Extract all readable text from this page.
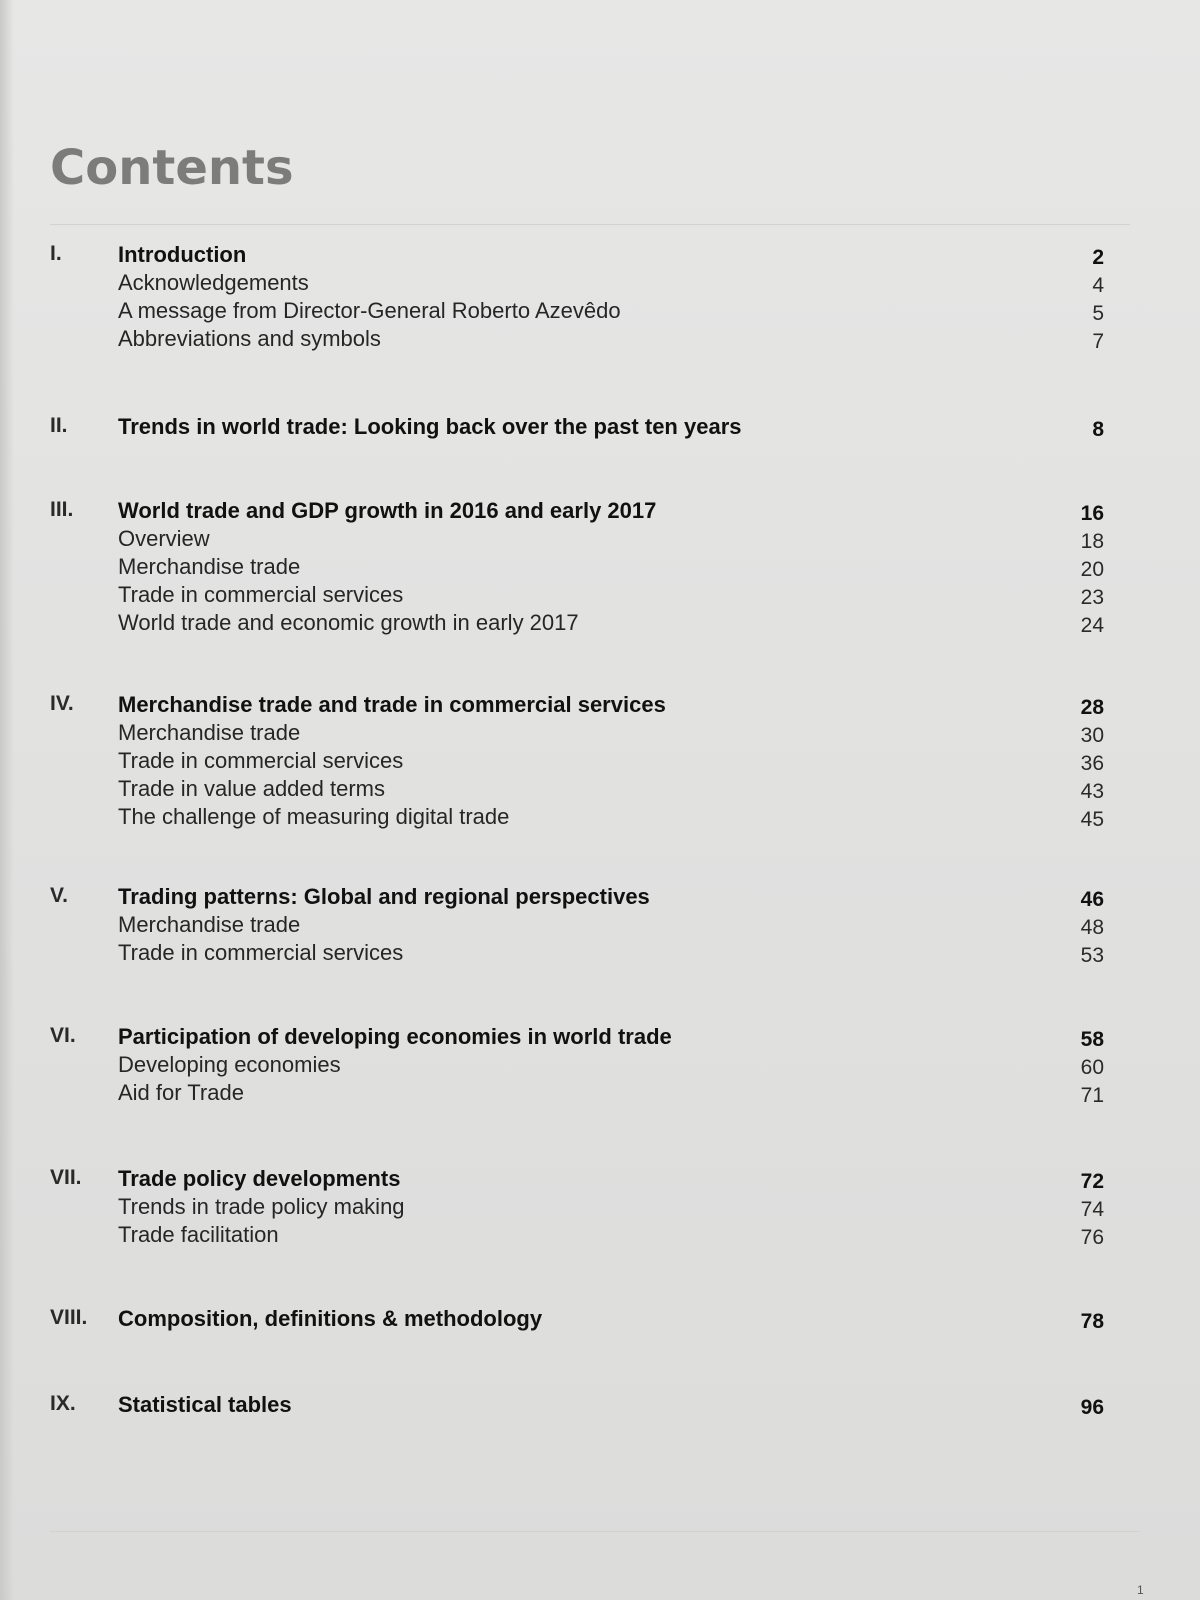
Contents
I.	Introduction	2
Acknowledgements	4
A message from Director-General Roberto Azevêdo	5
Abbreviations and symbols	7
II. Trends in world trade: Looking back over the past ten years	8
III. World trade and GDP growth in 2016 and early 2017	16
Overview	18
Merchandise trade	20
Trade in commercial services	23
World trade and economic growth in early 2017	24
IV. Merchandise trade and trade in commercial services	28
Merchandise trade	30
Trade in commercial services	36
Trade in value added terms	43
The challenge of measuring digital trade	45
V. Trading patterns: Global and regional perspectives	46
Merchandise trade	48
Trade in commercial services	53
VI. Participation of developing economies in world trade	58
Developing economies	60
Aid for Trade	71
VII. Trade policy developments	72
Trends in trade policy making	74
Trade facilitation	76
VIII. Composition, definitions & methodology	78
IX. Statistical tables	96
1
